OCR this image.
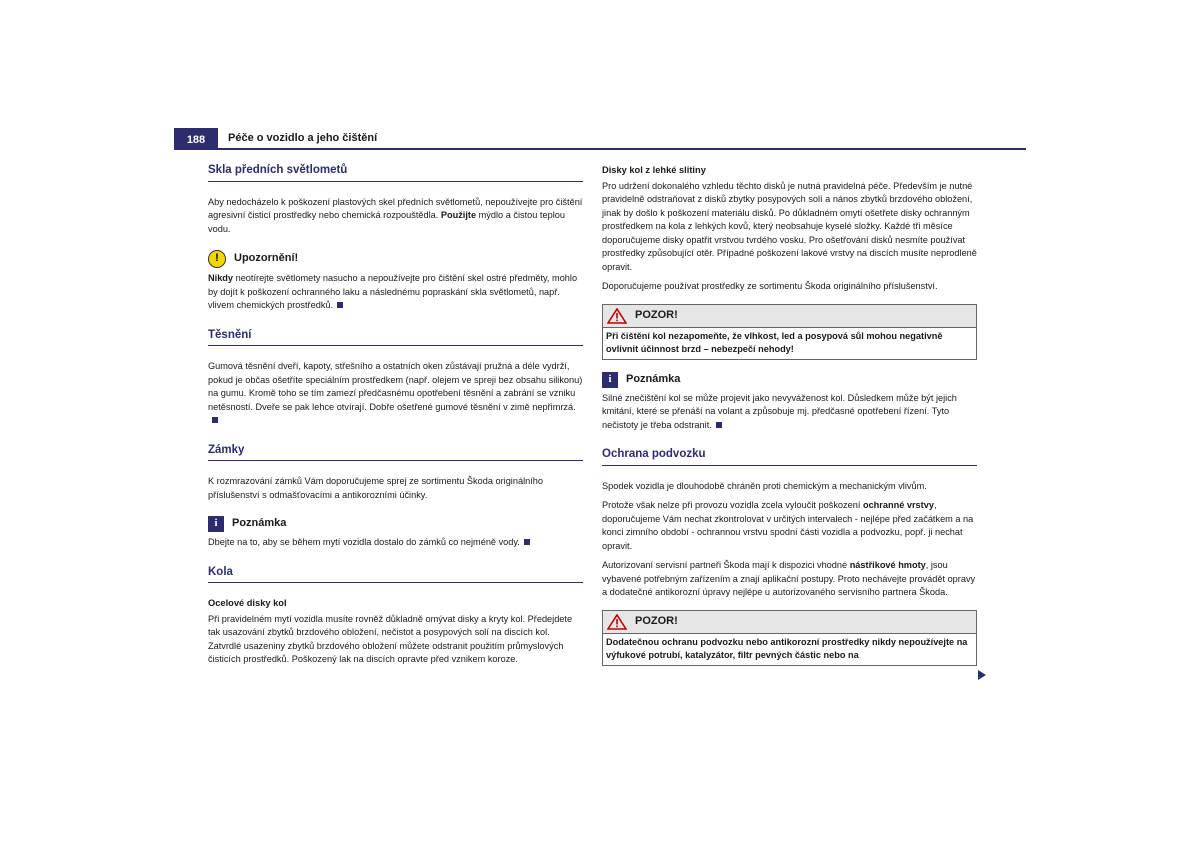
188	Péče o vozidlo a jeho čištění
Skla předních světlometů

Aby nedocházelo k poškození plastových skel předních světlometů, nepoužívejte pro čištění agresivní čisticí prostředky nebo chemická rozpouštědla. Použijte mýdlo a čistou teplou vodu.

!	Upozornění!

Nikdy neotírejte světlomety nasucho a nepoužívejte pro čištění skel ostré předměty, mohlo by dojít k poškození ochranného laku a následnému popraskání skla světlometů, např. vlivem chemických prostředků.

Těsnění

Gumová těsnění dveří, kapoty, střešního a ostatních oken zůstávají pružná a déle vydrží, pokud je občas ošetříte speciálním prostředkem (např. olejem ve spreji bez obsahu silikonu) na gumu. Kromě toho se tím zamezí předčasnému opotřebení těsnění a zabrání se vzniku netěsností. Dveře se pak lehce otvírají. Dobře ošetřené gumové těsnění v zimě nepřimrzá.

Zámky

K rozmrazování zámků Vám doporučujeme sprej ze sortimentu Škoda originálního příslušenství s odmašťovacími a antikorozními účinky.

i	Poznámka

Dbejte na to, aby se během mytí vozidla dostalo do zámků co nejméně vody.

Kola
Ocelové disky kol

Při pravidelném mytí vozidla musíte rovněž důkladně omývat disky a kryty kol. Předejdete tak usazování zbytků brzdového obložení, nečistot a posypových solí na discích kol. Zatvrdlé usazeniny zbytků brzdového obložení můžete odstranit použitím průmyslových čisticích prostředků. Poškozený lak na discích opravte před vznikem koroze.

Disky kol z lehké slitiny

Pro udržení dokonalého vzhledu těchto disků je nutná pravidelná péče. Především je nutné pravidelně odstraňovat z disků zbytky posypových solí a nános zbytků brzdového obložení, jinak by došlo k poškození materiálu disků. Po důkladném omytí ošetřete disky ochranným prostředkem na kola z lehkých kovů, který neobsahuje kyselé složky. Každé tři měsíce doporučujeme disky opatřit vrstvou tvrdého vosku. Pro ošetřování disků nesmíte používat prostředky způsobující otěr. Případné poškození lakové vrstvy na discích musíte neprodleně opravit.

Doporučujeme používat prostředky ze sortimentu Škoda originálního příslušenství.

POZOR!
Při čištění kol nezapomeňte, že vlhkost, led a posypová sůl mohou negativně ovlivnit účinnost brzd – nebezpečí nehody!
i	Poznámka

Silné znečištění kol se může projevit jako nevyváženost kol. Důsledkem může být jejich kmitání, které se přenáší na volant a způsobuje mj. předčasné opotřebení řízení. Tyto nečistoty je třeba odstranit.

Ochrana podvozku

Spodek vozidla je dlouhodobě chráněn proti chemickým a mechanickým vlivům.

Protože však nelze při provozu vozidla zcela vyloučit poškození ochranné vrstvy, doporučujeme Vám nechat zkontrolovat v určitých intervalech - nejlépe před začátkem a na konci zimního období - ochrannou vrstvu spodní části vozidla a podvozku, popř. ji nechat opravit.

Autorizovaní servisní partneři Škoda mají k dispozici vhodné nástřikové hmoty, jsou vybavené potřebným zařízením a znají aplikační postupy. Proto nechávejte provádět opravy a dodatečné antikorozní úpravy nejlépe u autorizovaného servisního partnera Škoda.

POZOR!
Dodatečnou ochranu podvozku nebo antikorozní prostředky nikdy nepoužívejte na výfukové potrubí, katalyzátor, filtr pevných částic nebo na
